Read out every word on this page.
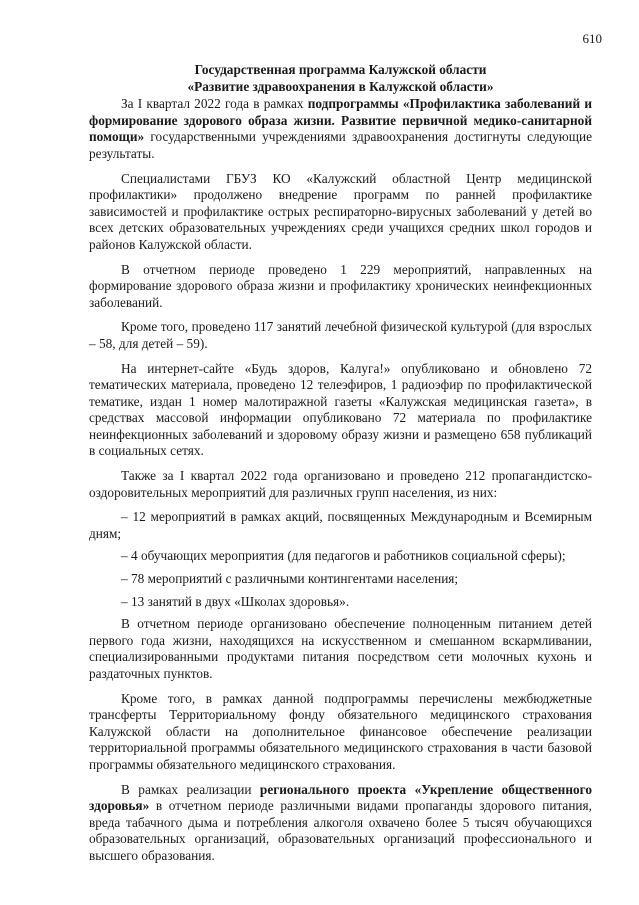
610
Государственная программа Калужской области
«Развитие здравоохранения в Калужской области»

За I квартал 2022 года в рамках подпрограммы «Профилактика заболеваний и формирование здорового образа жизни. Развитие первичной медико-санитарной помощи» государственными учреждениями здравоохранения достигнуты следующие результаты.

Специалистами ГБУЗ КО «Калужский областной Центр медицинской профилактики» продолжено внедрение программ по ранней профилактике зависимостей и профилактике острых респираторно-вирусных заболеваний у детей во всех детских образовательных учреждениях среди учащихся средних школ городов и районов Калужской области.

В отчетном периоде проведено 1 229 мероприятий, направленных на формирование здорового образа жизни и профилактику хронических неинфекционных заболеваний.

Кроме того, проведено 117 занятий лечебной физической культурой (для взрослых – 58, для детей – 59).

На интернет-сайте «Будь здоров, Калуга!» опубликовано и обновлено 72 тематических материала, проведено 12 телеэфиров, 1 радиоэфир по профилактической тематике, издан 1 номер малотиражной газеты «Калужская медицинская газета», в средствах массовой информации опубликовано 72 материала по профилактике неинфекционных заболеваний и здоровому образу жизни и размещено 658 публикаций в социальных сетях.

Также за I квартал 2022 года организовано и проведено 212 пропагандистско-оздоровительных мероприятий для различных групп населения, из них:

– 12 мероприятий в рамках акций, посвященных Международным и Всемирным дням;

– 4 обучающих мероприятия (для педагогов и работников социальной сферы);

– 78 мероприятий с различными контингентами населения;

– 13 занятий в двух «Школах здоровья».

В отчетном периоде организовано обеспечение полноценным питанием детей первого года жизни, находящихся на искусственном и смешанном вскармливании, специализированными продуктами питания посредством сети молочных кухонь и раздаточных пунктов.

Кроме того, в рамках данной подпрограммы перечислены межбюджетные трансферты Территориальному фонду обязательного медицинского страхования Калужской области на дополнительное финансовое обеспечение реализации территориальной программы обязательного медицинского страхования в части базовой программы обязательного медицинского страхования.

В рамках реализации регионального проекта «Укрепление общественного здоровья» в отчетном периоде различными видами пропаганды здорового питания, вреда табачного дыма и потребления алкоголя охвачено более 5 тысяч обучающихся образовательных организаций, образовательных организаций профессионального и высшего образования.
